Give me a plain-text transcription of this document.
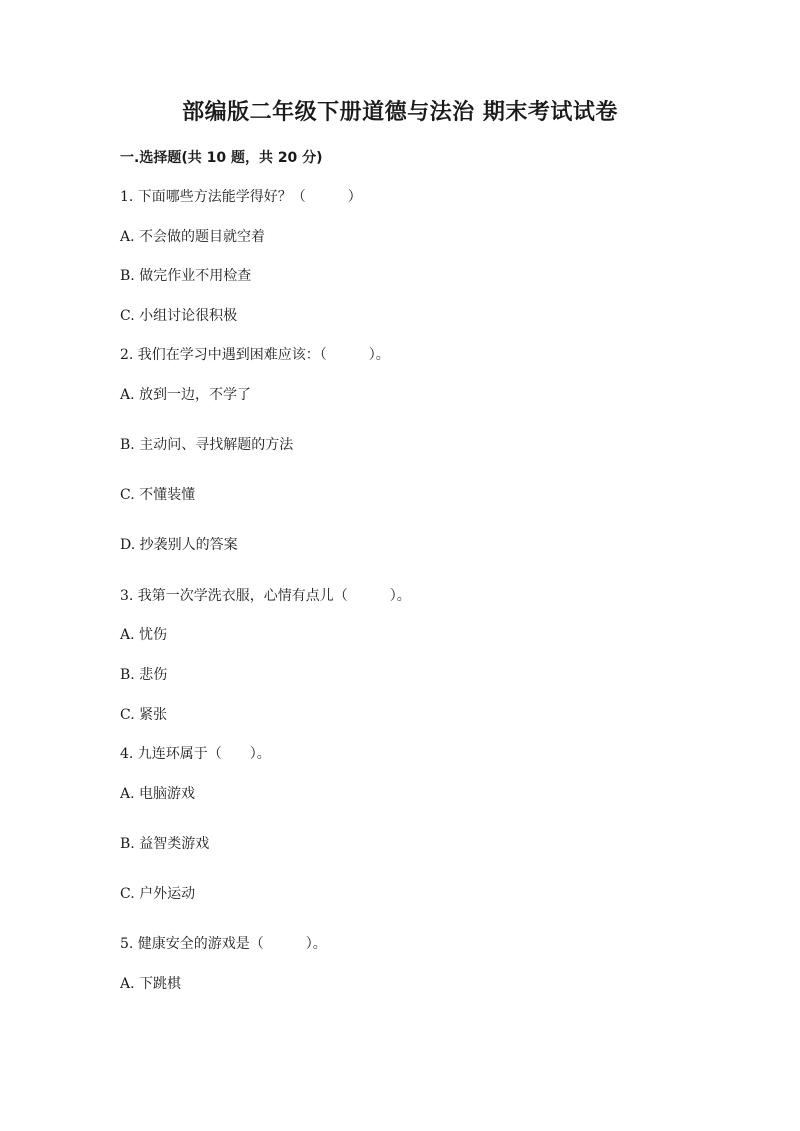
部编版二年级下册道德与法治 期末考试试卷
一.选择题(共 10 题，共 20 分)
1. 下面哪些方法能学得好？（　　　）
A. 不会做的题目就空着
B. 做完作业不用检查
C. 小组讨论很积极
2. 我们在学习中遇到困难应该：（　　　）。
A. 放到一边，不学了
B. 主动问、寻找解题的方法
C. 不懂装懂
D. 抄袭别人的答案
3. 我第一次学洗衣服，心情有点儿（　　　）。
A. 忧伤
B. 悲伤
C. 紧张
4. 九连环属于（　　）。
A. 电脑游戏
B. 益智类游戏
C. 户外运动
5. 健康安全的游戏是（　　　）。
A. 下跳棋
